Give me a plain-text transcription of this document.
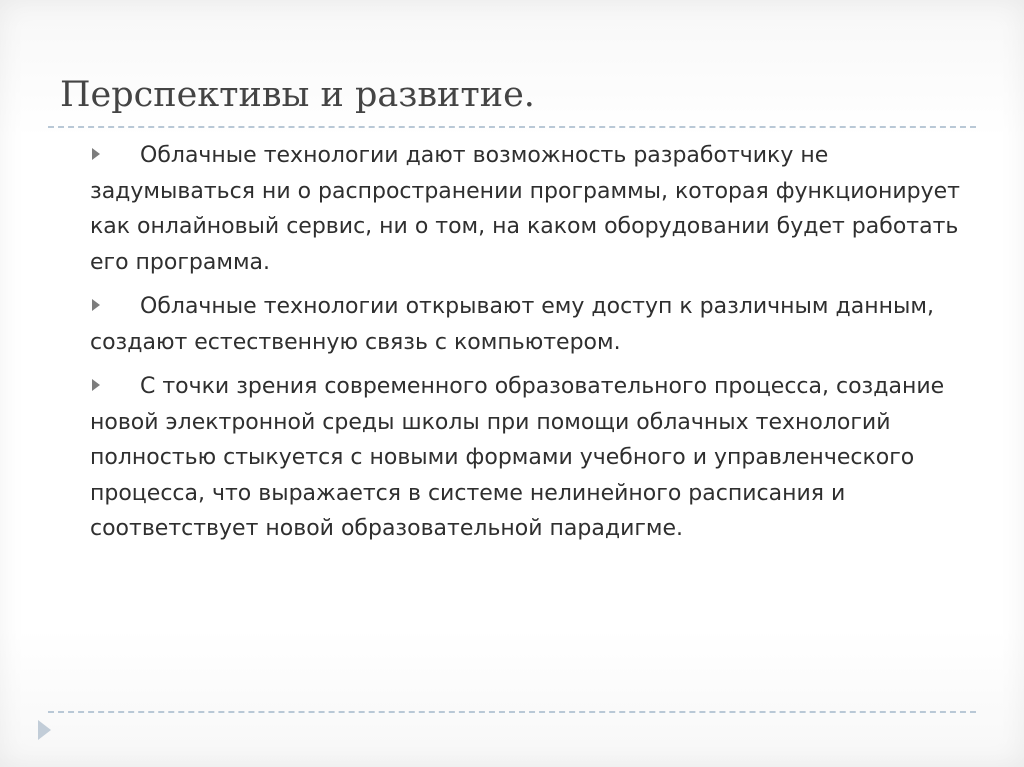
Перспективы и развитие.
Облачные технологии дают возможность разработчику не задумываться ни о распространении программы, которая функционирует как онлайновый сервис, ни о том, на каком оборудовании будет работать его программа.
Облачные технологии открывают ему доступ к различным данным, создают естественную связь с компьютером.
С точки зрения современного образовательного процесса, создание новой электронной среды школы при помощи облачных технологий полностью стыкуется с новыми формами учебного и управленческого процесса, что выражается в системе нелинейного расписания и соответствует новой образовательной парадигме.
